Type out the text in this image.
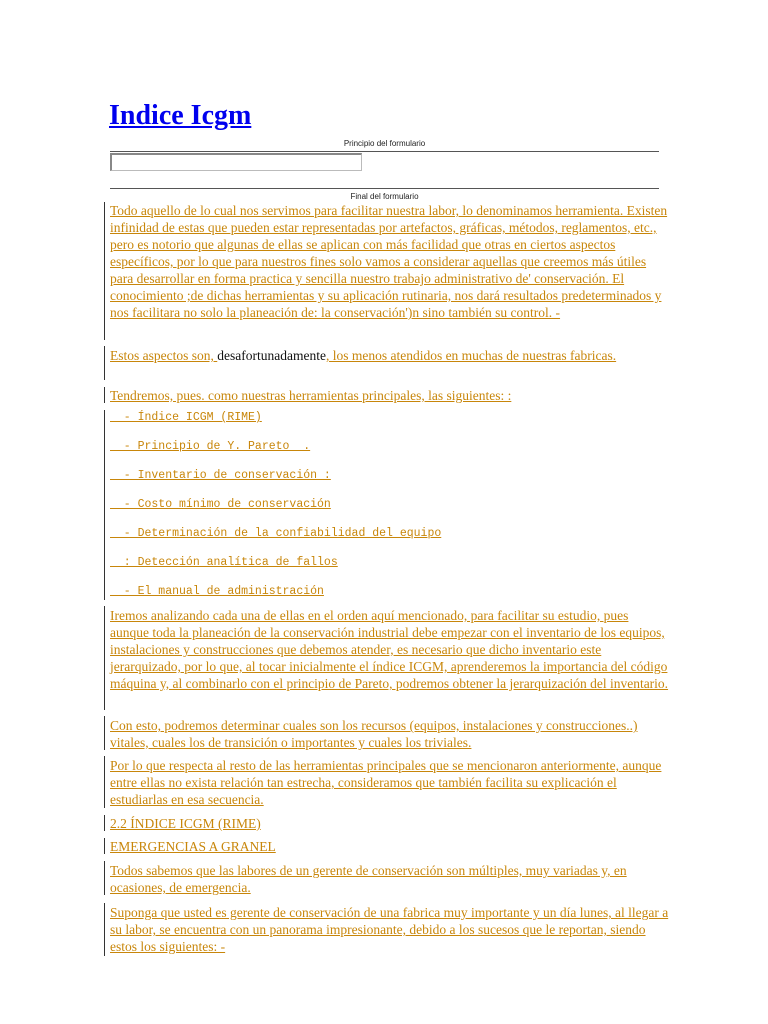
Indice Icgm
Principio del formulario
Final del formulario
Todo aquello de lo cual nos servimos para facilitar nuestra labor, lo denominamos herramienta. Existen infinidad de estas que pueden estar representadas por artefactos, gráficas, métodos, reglamentos, etc., pero es notorio que algunas de ellas se aplican con más facilidad que otras en ciertos aspectos específicos, por lo que para nuestros fines solo vamos a considerar aquellas que creemos más útiles para desarrollar en forma practica y sencilla nuestro trabajo administrativo de' conservación. El conocimiento ;de dichas herramientas y su aplicación rutinaria, nos dará resultados predeterminados y nos facilitara no solo la planeación de: la conservación')n sino también su control. -
Estos aspectos son, desafortunadamente, los menos atendidos en muchas de nuestras fabricas.
Tendremos, pues. como nuestras herramientas principales, las siguientes: :
- Índice ICGM (RIME)
- Principio de Y. Pareto  .
- Inventario de conservación :
- Costo mínimo de conservación
- Determinación de la confiabilidad del equipo
: Detección analítica de fallos
- El manual de administración
Iremos analizando cada una de ellas en el orden aquí mencionado, para facilitar su estudio, pues aunque toda la planeación de la conservación industrial debe empezar con el inventario de los equipos, instalaciones y construcciones que debemos atender, es necesario que dicho inventario este jerarquizado, por lo que, al tocar inicialmente el índice ICGM, aprenderemos la importancia del código máquina y, al combinarlo con el principio de Pareto, podremos obtener la jerarquización del inventario.
Con esto, podremos determinar cuales son los recursos (equipos, instalaciones y construcciones..) vitales, cuales los de transición o importantes y cuales los triviales.
Por lo que respecta al resto de las herramientas principales que se mencionaron anteriormente, aunque entre ellas no exista relación tan estrecha, consideramos que también facilita su explicación el estudiarlas en esa secuencia.
2.2 ÍNDICE ICGM (RIME)
EMERGENCIAS A GRANEL
Todos sabemos que las labores de un gerente de conservación son múltiples, muy variadas y, en ocasiones, de emergencia.
Suponga que usted es gerente de conservación de una fabrica muy importante y un día lunes, al llegar a su labor, se encuentra con un panorama impresionante, debido a los sucesos que le reportan, siendo estos los siguientes: -
